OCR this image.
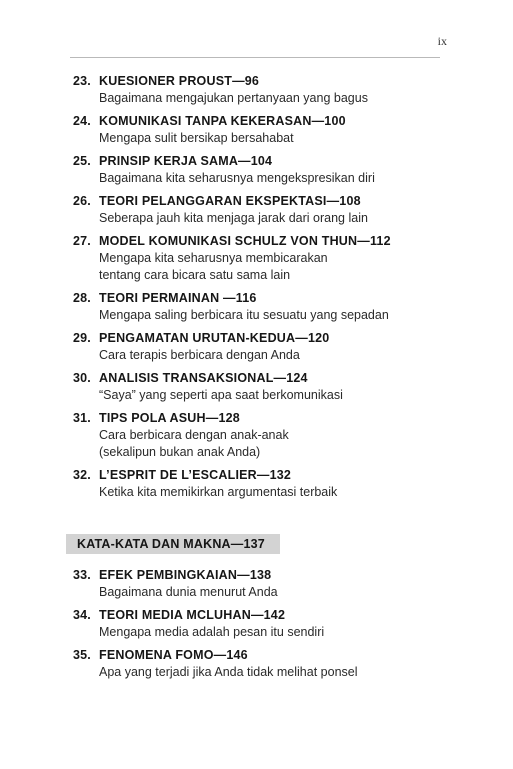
ix
23. KUESIONER PROUST—96
Bagaimana mengajukan pertanyaan yang bagus
24. KOMUNIKASI TANPA KEKERASAN—100
Mengapa sulit bersikap bersahabat
25. PRINSIP KERJA SAMA—104
Bagaimana kita seharusnya mengekspresikan diri
26. TEORI PELANGGARAN EKSPEKTASI—108
Seberapa jauh kita menjaga jarak dari orang lain
27. MODEL KOMUNIKASI SCHULZ VON THUN—112
Mengapa kita seharusnya membicarakan
tentang cara bicara satu sama lain
28. TEORI PERMAINAN —116
Mengapa saling berbicara itu sesuatu yang sepadan
29. PENGAMATAN URUTAN-KEDUA—120
Cara terapis berbicara dengan Anda
30. ANALISIS TRANSAKSIONAL—124
“Saya” yang seperti apa saat berkomunikasi
31. TIPS POLA ASUH—128
Cara berbicara dengan anak-anak
(sekalipun bukan anak Anda)
32. L’ESPRIT DE L’ESCALIER—132
Ketika kita memikirkan argumentasi terbaik
KATA-KATA DAN MAKNA—137
33. EFEK PEMBINGKAIAN—138
Bagaimana dunia menurut Anda
34. TEORI MEDIA MCLUHAN—142
Mengapa media adalah pesan itu sendiri
35. FENOMENA FOMO—146
Apa yang terjadi jika Anda tidak melihat ponsel
